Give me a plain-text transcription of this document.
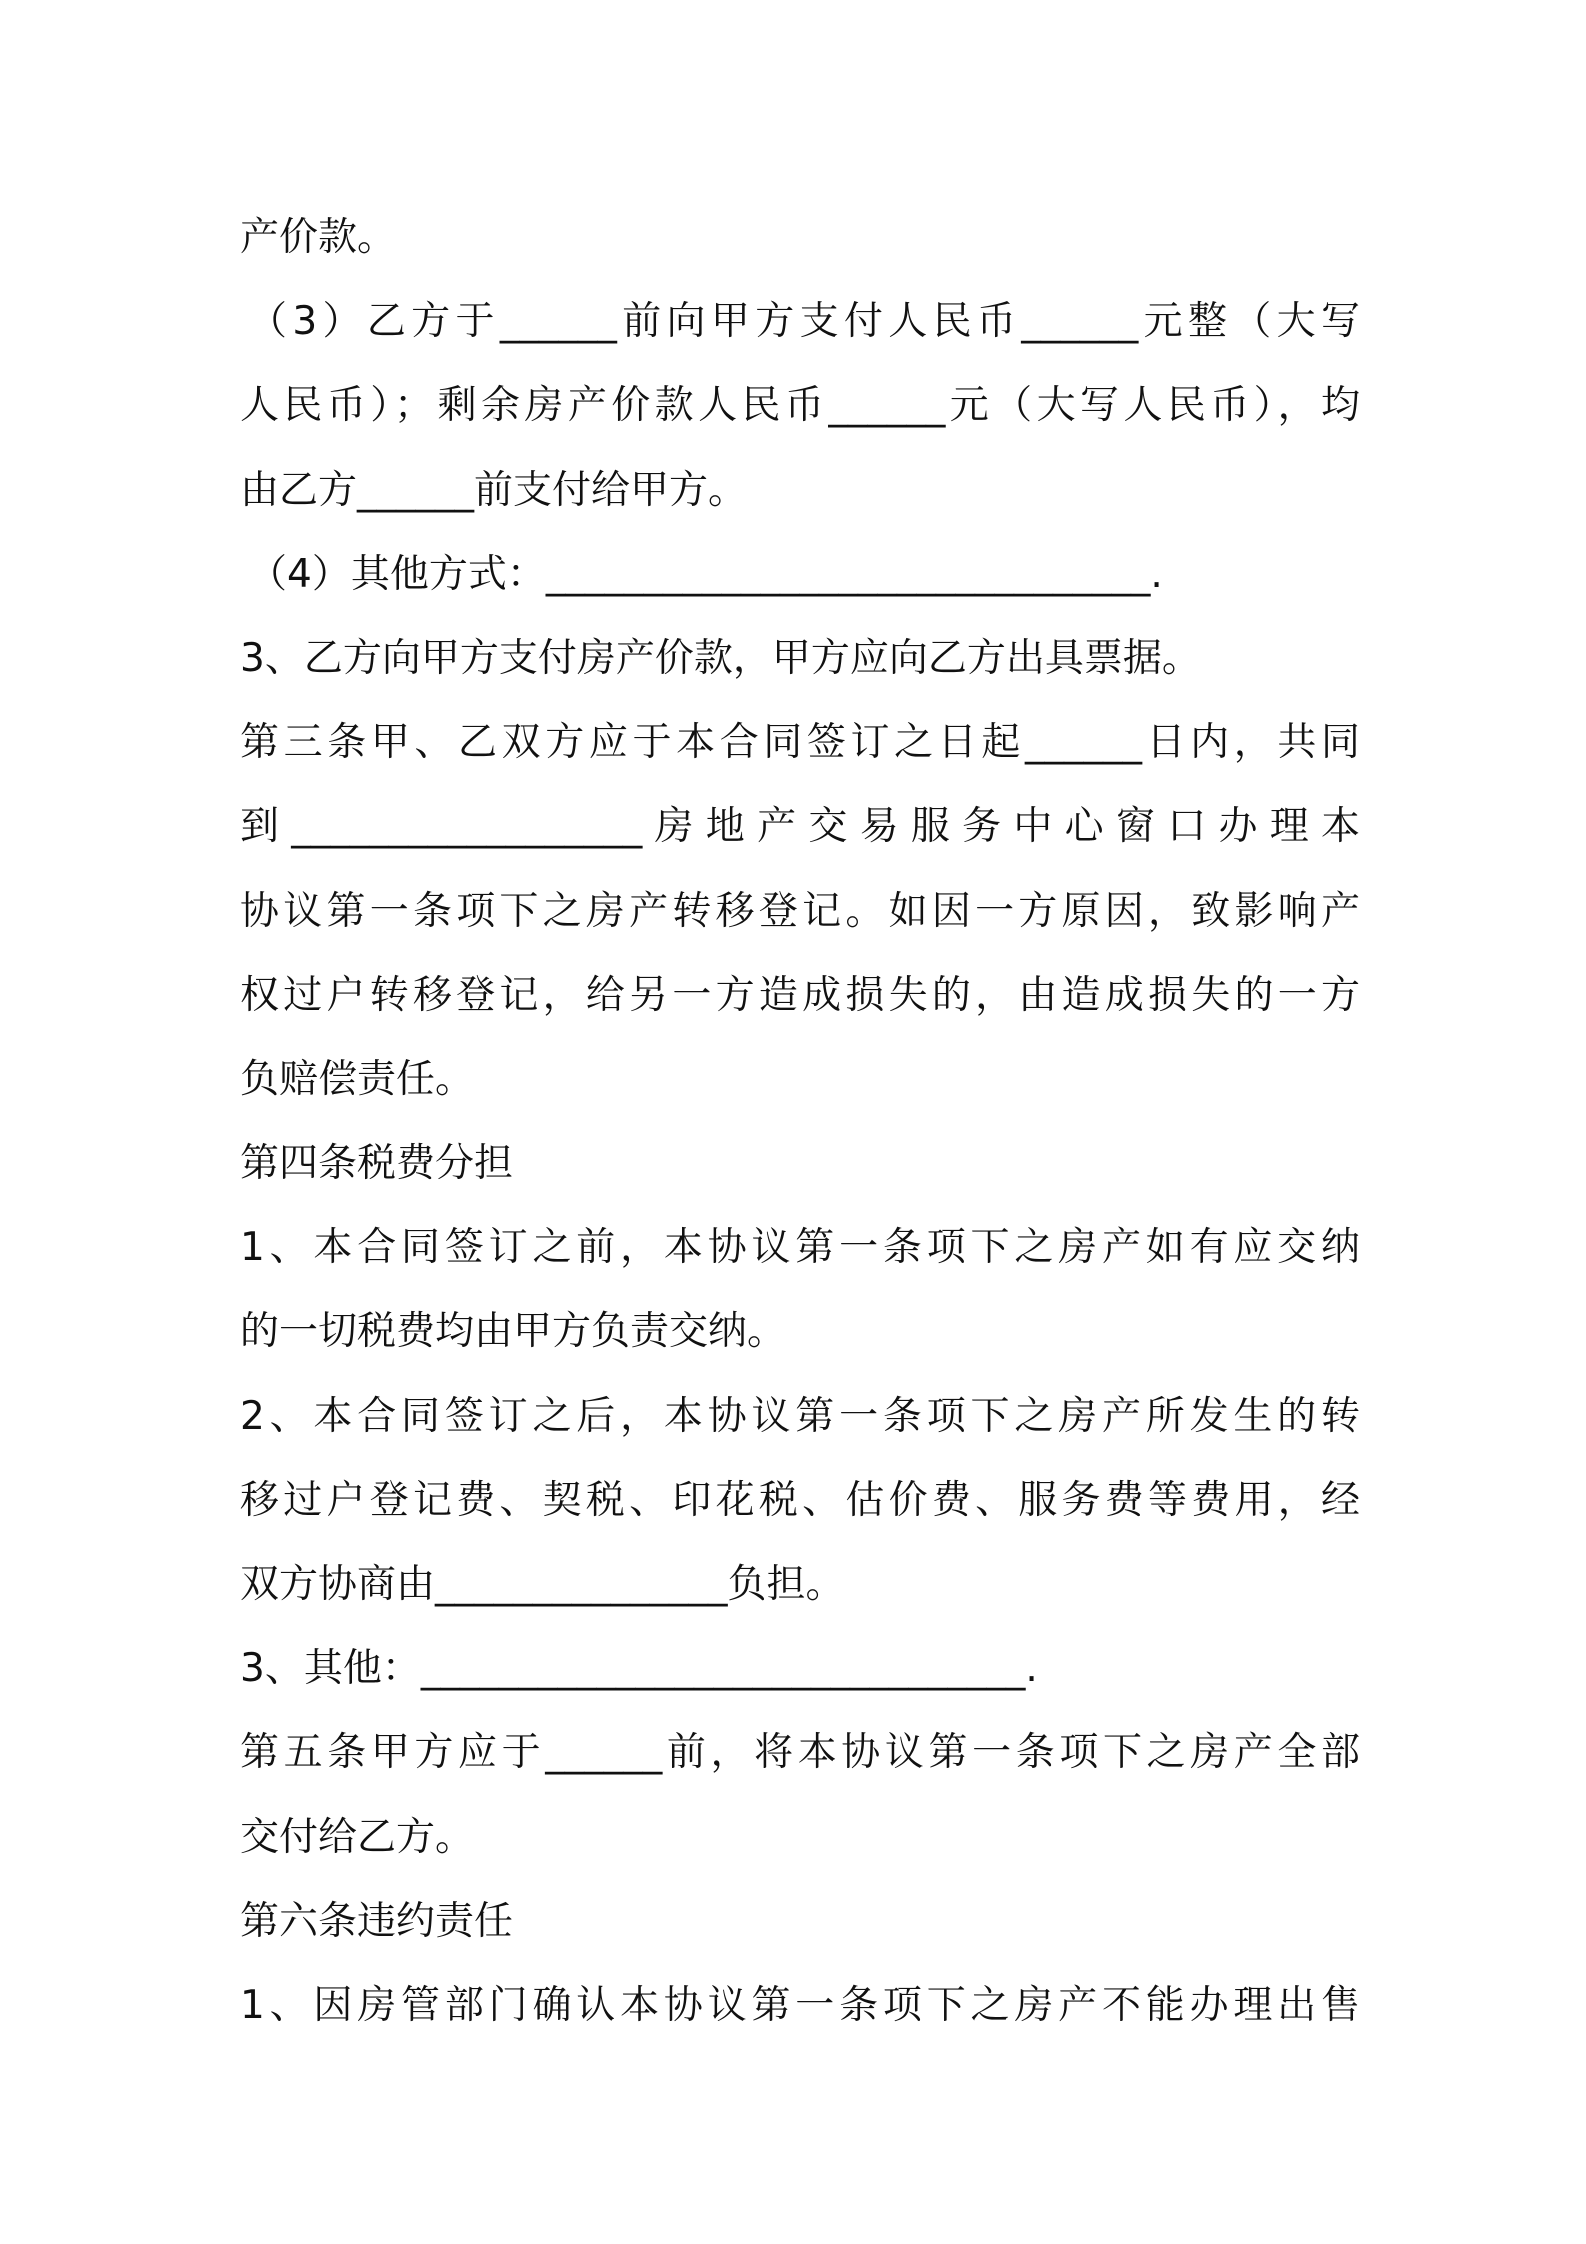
产价款。
（3）乙方于______前向甲方支付人民币______元整（大写
人民币）；剩余房产价款人民币______元（大写人民币），均
由乙方______前支付给甲方。
（4）其他方式：_______________________________.
3、乙方向甲方支付房产价款，甲方应向乙方出具票据。
第三条甲、乙双方应于本合同签订之日起______日内，共同
到__________________房地产交易服务中心窗口办理本
协议第一条项下之房产转移登记。如因一方原因，致影响产
权过户转移登记，给另一方造成损失的，由造成损失的一方
负赔偿责任。
第四条税费分担
1、本合同签订之前，本协议第一条项下之房产如有应交纳
的一切税费均由甲方负责交纳。
2、本合同签订之后，本协议第一条项下之房产所发生的转
移过户登记费、契税、印花税、估价费、服务费等费用，经
双方协商由_______________负担。
3、其他：_______________________________.
第五条甲方应于______前，将本协议第一条项下之房产全部
交付给乙方。
第六条违约责任
1、因房管部门确认本协议第一条项下之房产不能办理出售
